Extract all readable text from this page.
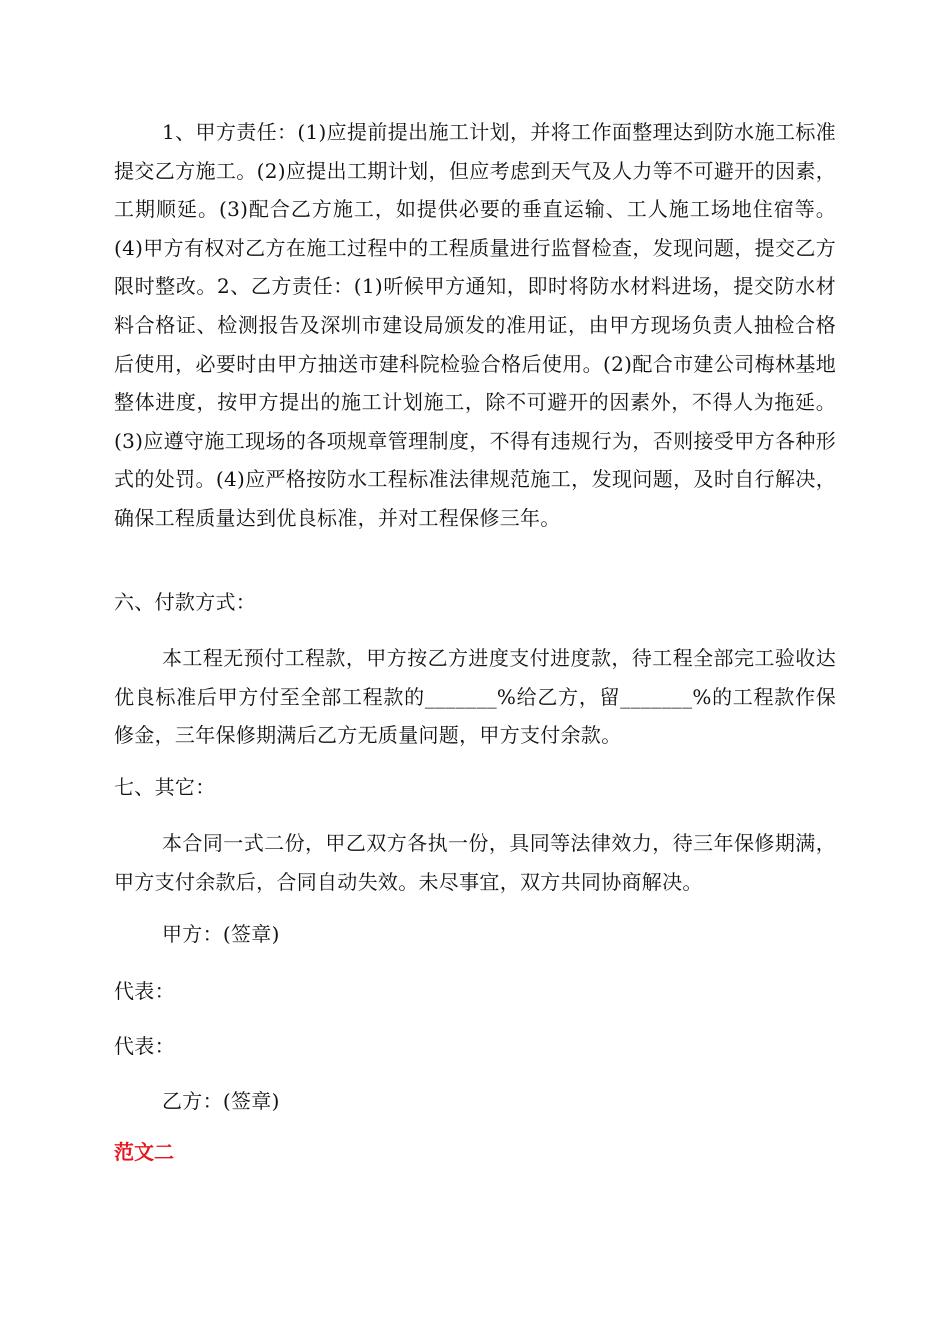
1、甲方责任：(1)应提前提出施工计划，并将工作面整理达到防水施工标准提交乙方施工。(2)应提出工期计划，但应考虑到天气及人力等不可避开的因素，工期顺延。(3)配合乙方施工，如提供必要的垂直运输、工人施工场地住宿等。(4)甲方有权对乙方在施工过程中的工程质量进行监督检查，发现问题，提交乙方限时整改。2、乙方责任：(1)听候甲方通知，即时将防水材料进场，提交防水材料合格证、检测报告及深圳市建设局颁发的准用证，由甲方现场负责人抽检合格后使用，必要时由甲方抽送市建科院检验合格后使用。(2)配合市建公司梅林基地整体进度，按甲方提出的施工计划施工，除不可避开的因素外，不得人为拖延。(3)应遵守施工现场的各项规章管理制度，不得有违规行为，否则接受甲方各种形式的处罚。(4)应严格按防水工程标准法律规范施工，发现问题，及时自行解决，确保工程质量达到优良标准，并对工程保修三年。

六、付款方式：

本工程无预付工程款，甲方按乙方进度支付进度款，待工程全部完工验收达优良标准后甲方付至全部工程款的_______%给乙方，留_______%的工程款作保修金，三年保修期满后乙方无质量问题，甲方支付余款。

七、其它：

本合同一式二份，甲乙双方各执一份，具同等法律效力，待三年保修期满，甲方支付余款后，合同自动失效。未尽事宜，双方共同协商解决。

甲方：(签章)

代表：

代表：

乙方：(签章)

范文二
